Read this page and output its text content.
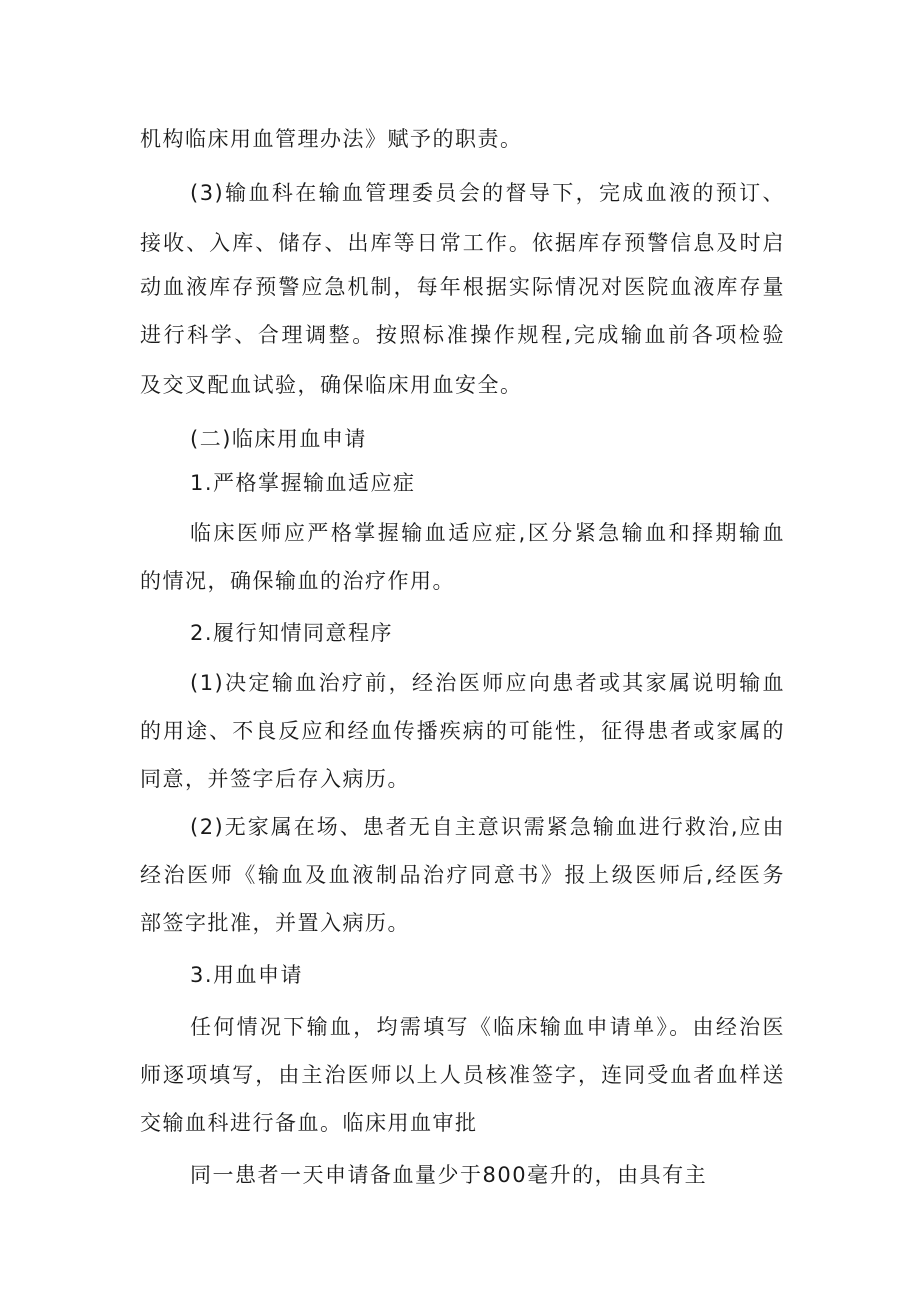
机构临床用血管理办法》赋予的职责。
(3)输血科在输血管理委员会的督导下，完成血液的预订、
接收、入库、储存、出库等日常工作。依据库存预警信息及时启
动血液库存预警应急机制，每年根据实际情况对医院血液库存量
进行科学、合理调整。按照标准操作规程,完成输血前各项检验
及交叉配血试验，确保临床用血安全。
(二)临床用血申请
1.严格掌握输血适应症
临床医师应严格掌握输血适应症,区分紧急输血和择期输血
的情况，确保输血的治疗作用。
2.履行知情同意程序
(1)决定输血治疗前，经治医师应向患者或其家属说明输血
的用途、不良反应和经血传播疾病的可能性，征得患者或家属的
同意，并签字后存入病历。
(2)无家属在场、患者无自主意识需紧急输血进行救治,应由
经治医师《输血及血液制品治疗同意书》报上级医师后,经医务
部签字批准，并置入病历。
3.用血申请
任何情况下输血，均需填写《临床输血申请单》。由经治医
师逐项填写，由主治医师以上人员核准签字，连同受血者血样送
交输血科进行备血。临床用血审批
同一患者一天申请备血量少于800毫升的，由具有主
